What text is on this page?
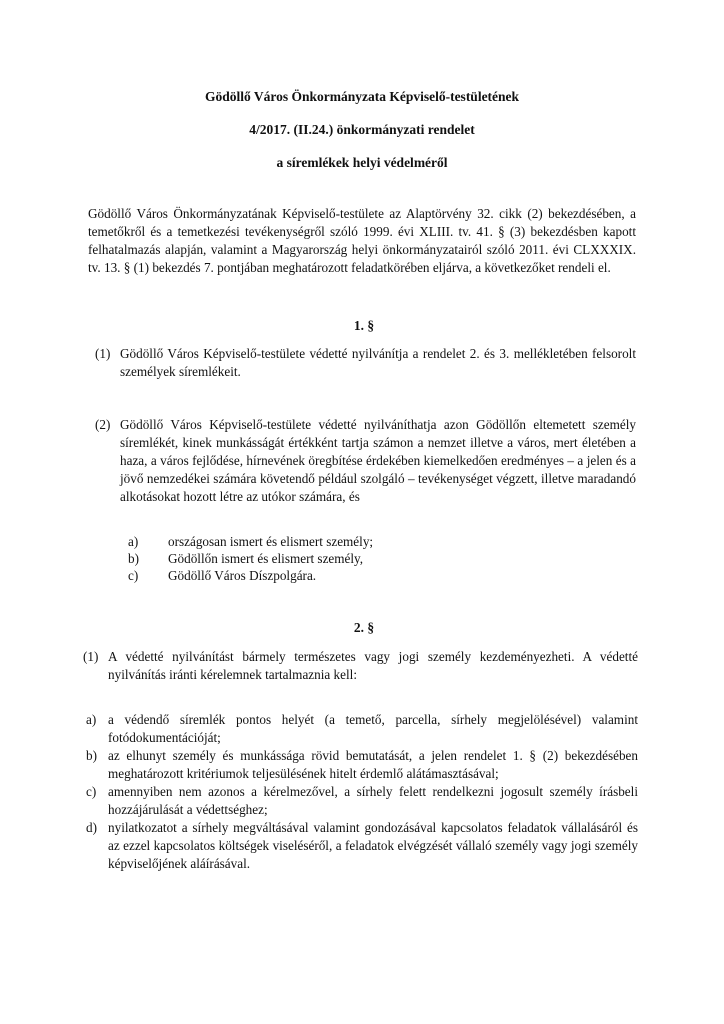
Gödöllő Város Önkormányzata Képviselő-testületének
4/2017. (II.24.) önkormányzati rendelet
a síremlékek helyi védelméről
Gödöllő Város Önkormányzatának Képviselő-testülete az Alaptörvény 32. cikk (2) bekezdésében, a temetőkről és a temetkezési tevékenységről szóló 1999. évi XLIII. tv. 41. § (3) bekezdésben kapott felhatalmazás alapján, valamint a Magyarország helyi önkormányzatairól szóló 2011. évi CLXXXIX. tv. 13. § (1) bekezdés 7. pontjában meghatározott feladatkörében eljárva, a következőket rendeli el.
1. §
(1) Gödöllő Város Képviselő-testülete védetté nyilvánítja a rendelet 2. és 3. mellékletében felsorolt személyek síremlékeit.
(2) Gödöllő Város Képviselő-testülete védetté nyilváníthatja azon Gödöllőn eltemetett személy síremlékét, kinek munkásságát értékként tartja számon a nemzet illetve a város, mert életében a haza, a város fejlődése, hírnevének öregbítése érdekében kiemelkedően eredményes – a jelen és a jövő nemzedékei számára követendő például szolgáló – tevékenységet végzett, illetve maradandó alkotásokat hozott létre az utókor számára, és
a) országosan ismert és elismert személy;
b) Gödöllőn ismert és elismert személy,
c) Gödöllő Város Díszpolgára.
2. §
(1) A védetté nyilvánítást bármely természetes vagy jogi személy kezdeményezheti. A védetté nyilvánítás iránti kérelemnek tartalmaznia kell:
a) a védendő síremlék pontos helyét (a temető, parcella, sírhely megjelölésével) valamint fotódokumentációját;
b) az elhunyt személy és munkássága rövid bemutatását, a jelen rendelet 1. § (2) bekezdésében meghatározott kritériumok teljesülésének hitelt érdemlő alátámasztásával;
c) amennyiben nem azonos a kérelmezővel, a sírhely felett rendelkezni jogosult személy írásbeli hozzájárulását a védettséghez;
d) nyilatkozatot a sírhely megváltásával valamint gondozásával kapcsolatos feladatok vállalásáról és az ezzel kapcsolatos költségek viseléséről, a feladatok elvégzését vállaló személy vagy jogi személy képviselőjének aláírásával.
